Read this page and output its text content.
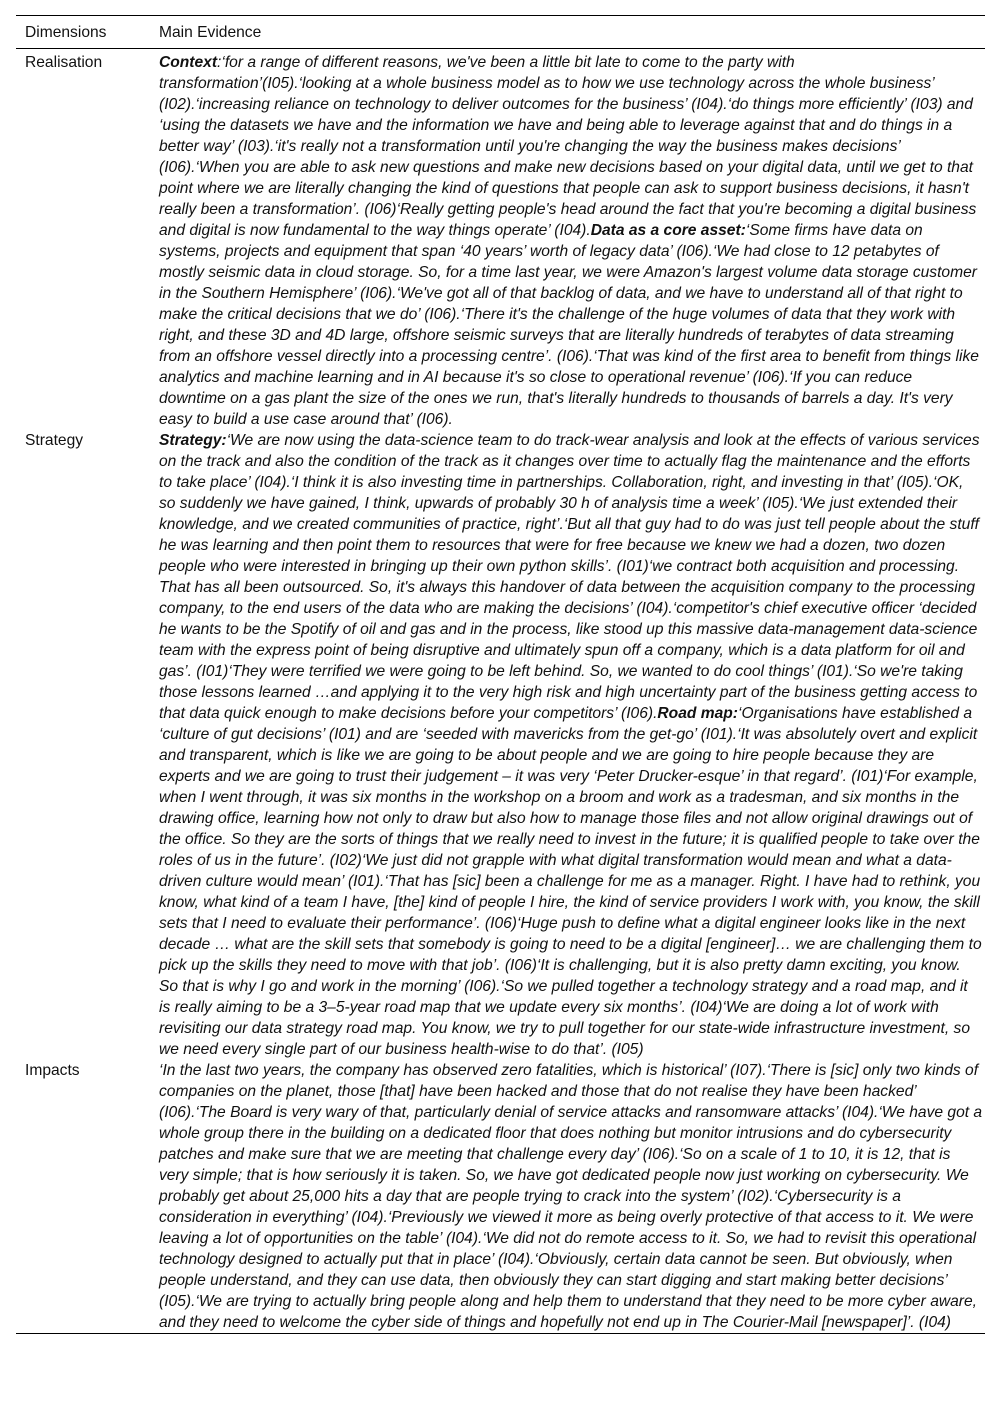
Dimensions	Main Evidence
Realisation	Context:‘for a range of different reasons, we've been a little bit late to come to the party with transformation’(I05).‘looking at a whole business model as to how we use technology across the whole business’ (I02).‘increasing reliance on technology to deliver outcomes for the business’ (I04).‘do things more efficiently’ (I03) and ‘using the datasets we have and the information we have and being able to leverage against that and do things in a better way’ (I03).‘it's really not a transformation until you're changing the way the business makes decisions’ (I06).‘When you are able to ask new questions and make new decisions based on your digital data, until we get to that point where we are literally changing the kind of questions that people can ask to support business decisions, it hasn't really been a transformation’. (I06)‘Really getting people's head around the fact that you're becoming a digital business and digital is now fundamental to the way things operate’ (I04).Data as a core asset:‘Some firms have data on systems, projects and equipment that span ‘40 years’ worth of legacy data’ (I06).‘We had close to 12 petabytes of mostly seismic data in cloud storage. So, for a time last year, we were Amazon's largest volume data storage customer in the Southern Hemisphere’ (I06).‘We've got all of that backlog of data, and we have to understand all of that right to make the critical decisions that we do’ (I06).‘There it's the challenge of the huge volumes of data that they work with right, and these 3D and 4D large, offshore seismic surveys that are literally hundreds of terabytes of data streaming from an offshore vessel directly into a processing centre’. (I06).‘That was kind of the first area to benefit from things like analytics and machine learning and in AI because it's so close to operational revenue’ (I06).‘If you can reduce downtime on a gas plant the size of the ones we run, that's literally hundreds to thousands of barrels a day. It's very easy to build a use case around that’ (I06).
Strategy	Strategy:‘We are now using the data-science team to do track-wear analysis and look at the effects of various services on the track and also the condition of the track as it changes over time to actually flag the maintenance and the efforts to take place’ (I04).‘I think it is also investing time in partnerships. Collaboration, right, and investing in that’ (I05).‘OK, so suddenly we have gained, I think, upwards of probably 30 h of analysis time a week’ (I05).‘We just extended their knowledge, and we created communities of practice, right’.‘But all that guy had to do was just tell people about the stuff he was learning and then point them to resources that were for free because we knew we had a dozen, two dozen people who were interested in bringing up their own python skills’. (I01)‘we contract both acquisition and processing. That has all been outsourced. So, it's always this handover of data between the acquisition company to the processing company, to the end users of the data who are making the decisions’ (I04).‘competitor's chief executive officer ‘decided he wants to be the Spotify of oil and gas and in the process, like stood up this massive data-management data-science team with the express point of being disruptive and ultimately spun off a company, which is a data platform for oil and gas’. (I01)‘They were terrified we were going to be left behind. So, we wanted to do cool things’ (I01).‘So we're taking those lessons learned …and applying it to the very high risk and high uncertainty part of the business getting access to that data quick enough to make decisions before your competitors’ (I06).Road map:‘Organisations have established a ‘culture of gut decisions’ (I01) and are ‘seeded with mavericks from the get-go’ (I01).‘It was absolutely overt and explicit and transparent, which is like we are going to be about people and we are going to hire people because they are experts and we are going to trust their judgement – it was very ‘Peter Drucker-esque’ in that regard’. (I01)‘For example, when I went through, it was six months in the workshop on a broom and work as a tradesman, and six months in the drawing office, learning how not only to draw but also how to manage those files and not allow original drawings out of the office. So they are the sorts of things that we really need to invest in the future; it is qualified people to take over the roles of us in the future’. (I02)‘We just did not grapple with what digital transformation would mean and what a data-driven culture would mean’ (I01).‘That has [sic] been a challenge for me as a manager. Right. I have had to rethink, you know, what kind of a team I have, [the] kind of people I hire, the kind of service providers I work with, you know, the skill sets that I need to evaluate their performance’. (I06)‘Huge push to define what a digital engineer looks like in the next decade … what are the skill sets that somebody is going to need to be a digital [engineer]… we are challenging them to pick up the skills they need to move with that job’. (I06)‘It is challenging, but it is also pretty damn exciting, you know. So that is why I go and work in the morning’ (I06).‘So we pulled together a technology strategy and a road map, and it is really aiming to be a 3–5-year road map that we update every six months’. (I04)‘We are doing a lot of work with revisiting our data strategy road map. You know, we try to pull together for our state-wide infrastructure investment, so we need every single part of our business health-wise to do that’. (I05)
Impacts	‘In the last two years, the company has observed zero fatalities, which is historical’ (I07).‘There is [sic] only two kinds of companies on the planet, those [that] have been hacked and those that do not realise they have been hacked’ (I06).‘The Board is very wary of that, particularly denial of service attacks and ransomware attacks’ (I04).‘We have got a whole group there in the building on a dedicated floor that does nothing but monitor intrusions and do cybersecurity patches and make sure that we are meeting that challenge every day’ (I06).‘So on a scale of 1 to 10, it is 12, that is very simple; that is how seriously it is taken. So, we have got dedicated people now just working on cybersecurity. We probably get about 25,000 hits a day that are people trying to crack into the system’ (I02).‘Cybersecurity is a consideration in everything’ (I04).‘Previously we viewed it more as being overly protective of that access to it. We were leaving a lot of opportunities on the table’ (I04).‘We did not do remote access to it. So, we had to revisit this operational technology designed to actually put that in place’ (I04).‘Obviously, certain data cannot be seen. But obviously, when people understand, and they can use data, then obviously they can start digging and start making better decisions’ (I05).‘We are trying to actually bring people along and help them to understand that they need to be more cyber aware, and they need to welcome the cyber side of things and hopefully not end up in The Courier-Mail [newspaper]’. (I04)
